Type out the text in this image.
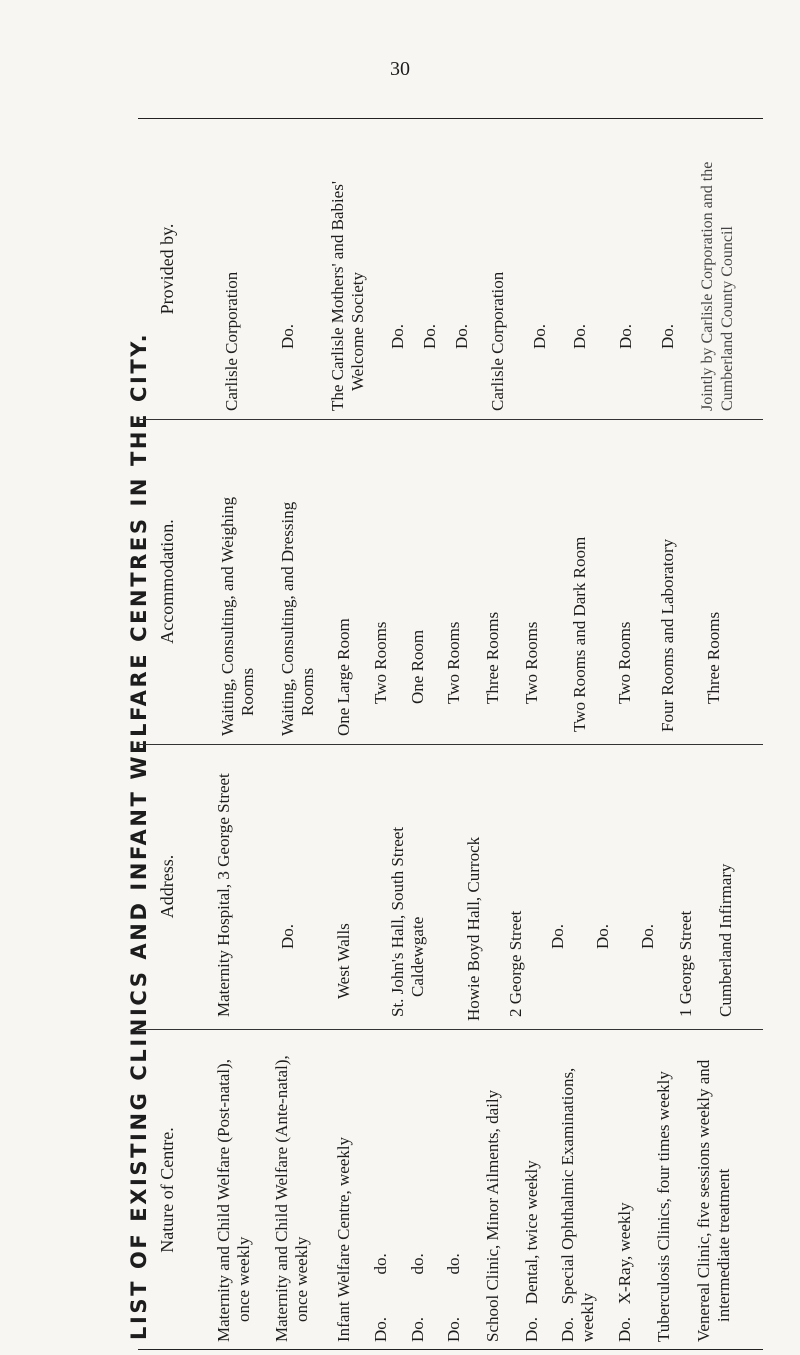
30
LIST OF EXISTING CLINICS AND INFANT WELFARE CENTRES IN THE CITY. Nature of Centre. Maternity and Child Welfare (Post-natal), once weekly Maternity and Child Welfare (Ante-natal), once weekly Infant Welfare Centre, weekly Do.          do. Do.          do. Do.          do. School Clinic, Minor Ailments, daily Do.   Dental, twice weekly Do.   Special Ophthalmic Examinations, weekly Do.   X-Ray, weekly Tuberculosis Clinics, four times weekly Venereal Clinic, five sessions weekly and intermediate treatment
Address. Maternity Hospital, 3 George Street	Do. West Walls St. John's Hall, South Street Caldewgate Howie Boyd Hall, Currock 2 George Street Do. Do. Do. 1 George Street Cumberland Infirmary
Accommodation. Waiting, Consulting, and Weighing Rooms Waiting, Consulting, and Dressing Rooms One Large Room Two Rooms One Room Two Rooms Three Rooms Two Rooms Two Rooms and Dark Room Two Rooms Four Rooms and Laboratory Three Rooms
Provided by.
Carlisle Corporation Do. The Carlisle Mothers' and Babies' Welcome Society Do. Do. Do. Carlisle Corporation Do. Do. Do. Do. Jointly by Carlisle Corporation and the Cumberland County Council
